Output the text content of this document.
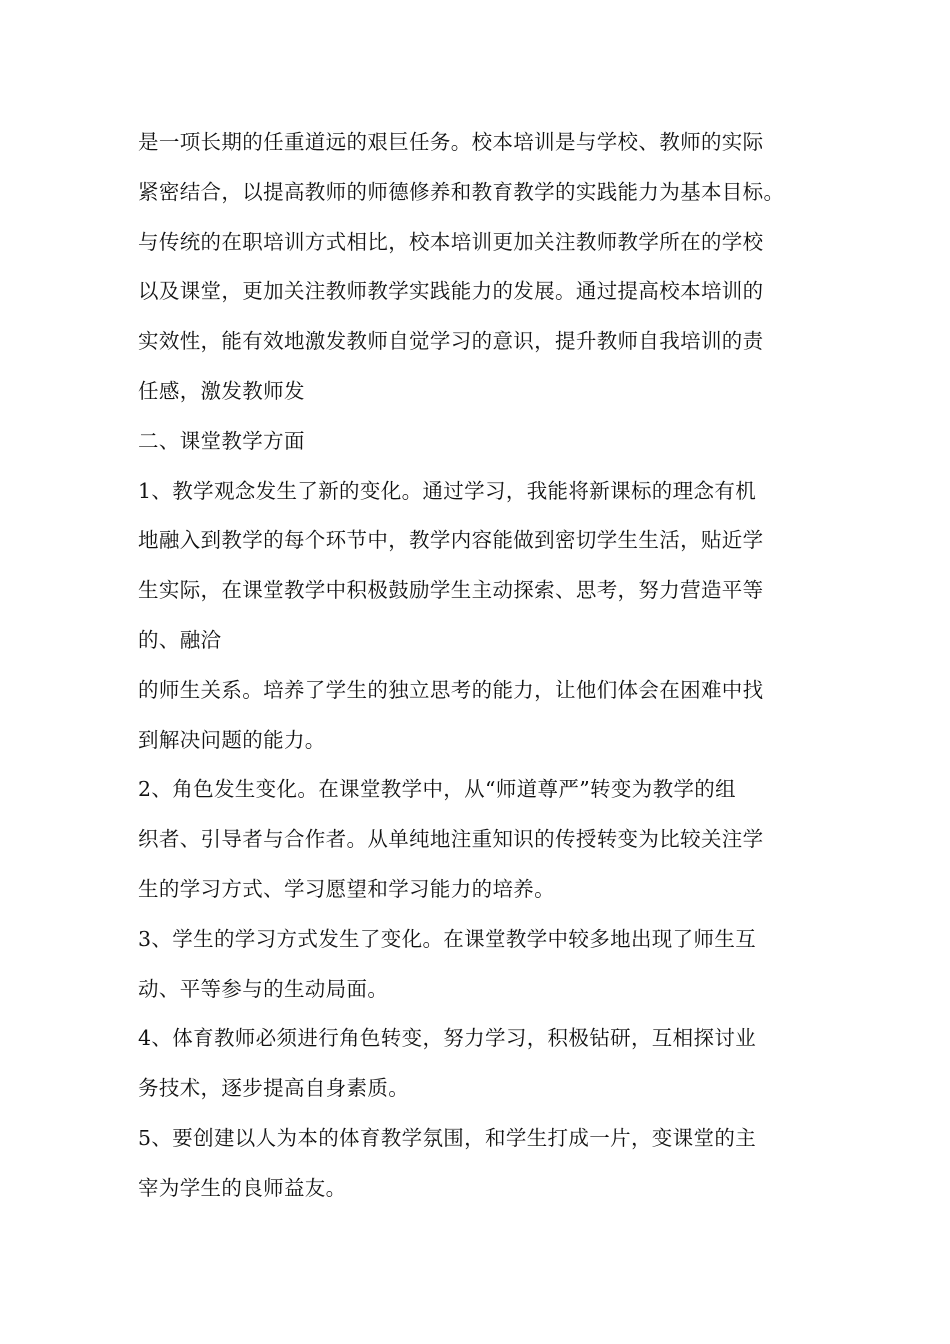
是一项长期的任重道远的艰巨任务。校本培训是与学校、教师的实际
紧密结合，以提高教师的师德修养和教育教学的实践能力为基本目标。
与传统的在职培训方式相比，校本培训更加关注教师教学所在的学校
以及课堂，更加关注教师教学实践能力的发展。通过提高校本培训的
实效性，能有效地激发教师自觉学习的意识，提升教师自我培训的责
任感，激发教师发
二、课堂教学方面
1、教学观念发生了新的变化。通过学习，我能将新课标的理念有机
地融入到教学的每个环节中，教学内容能做到密切学生生活，贴近学
生实际，在课堂教学中积极鼓励学生主动探索、思考，努力营造平等
的、融洽
的师生关系。培养了学生的独立思考的能力，让他们体会在困难中找
到解决问题的能力。
2、角色发生变化。在课堂教学中，从“师道尊严”转变为教学的组
织者、引导者与合作者。从单纯地注重知识的传授转变为比较关注学
生的学习方式、学习愿望和学习能力的培养。
3、学生的学习方式发生了变化。在课堂教学中较多地出现了师生互
动、平等参与的生动局面。
4、体育教师必须进行角色转变，努力学习，积极钻研，互相探讨业
务技术，逐步提高自身素质。
5、要创建以人为本的体育教学氛围，和学生打成一片，变课堂的主
宰为学生的良师益友。
